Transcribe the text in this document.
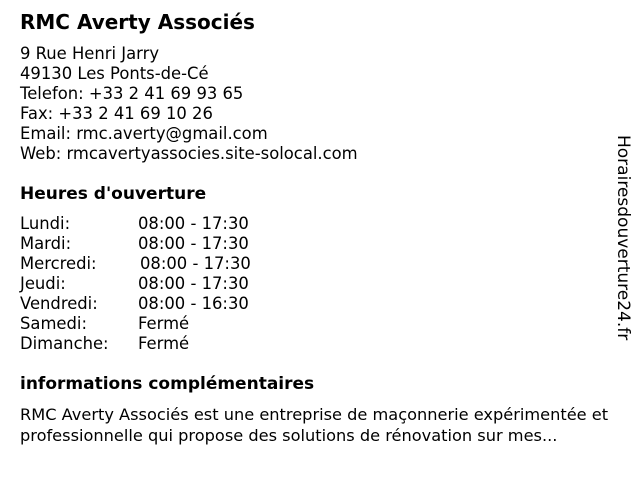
RMC Averty Associés
9 Rue Henri Jarry
49130 Les Ponts-de-Cé
Telefon: +33 2 41 69 93 65
Fax: +33 2 41 69 10 26
Email: rmc.averty@gmail.com
Web: rmcavertyassocies.site-solocal.com
Heures d'ouverture
Lundi:	08:00 - 17:30
Mardi:	08:00 - 17:30
Mercredi:	08:00 - 17:30
Jeudi:	08:00 - 17:30
Vendredi: 08:00 - 16:30
Samedi:	Fermé
Dimanche: Fermé
informations complémentaires
RMC Averty Associés est une entreprise de maçonnerie expérimentée et professionnelle qui propose des solutions de rénovation sur mes...
Horairesdouverture24.fr
